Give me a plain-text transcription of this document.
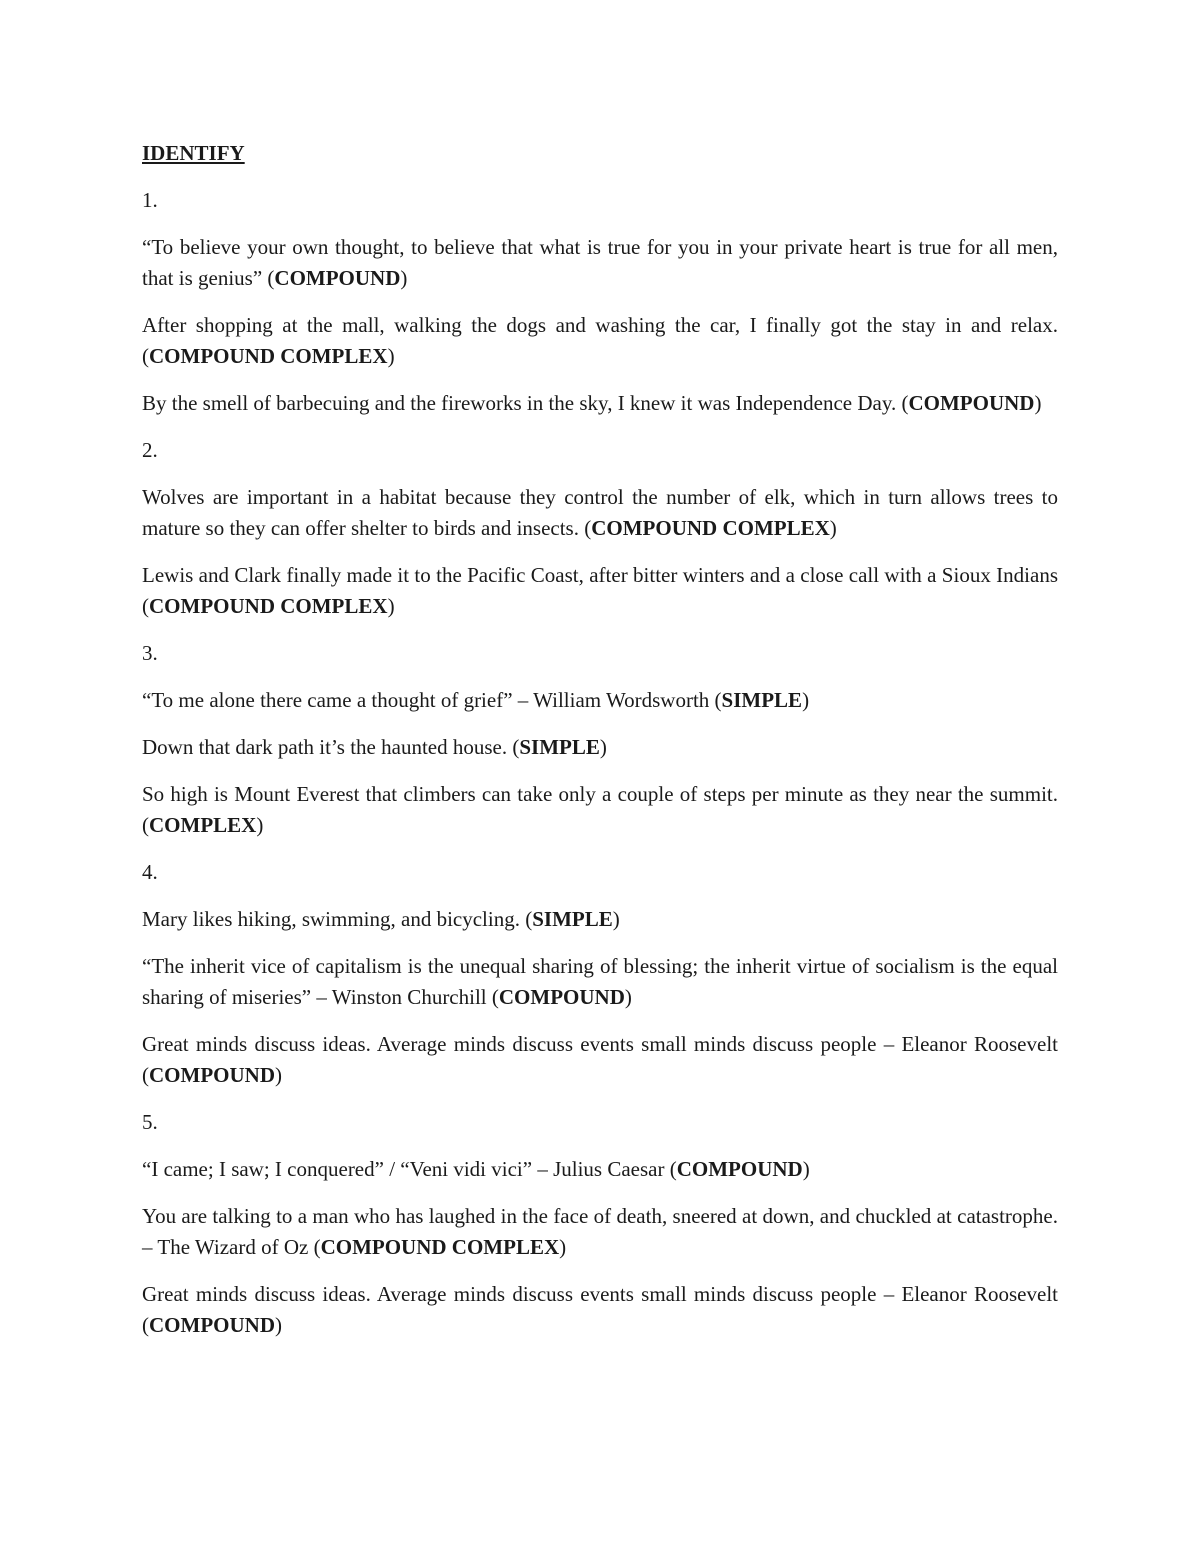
IDENTIFY

1.

“To believe your own thought, to believe that what is true for you in your private heart is true for all men, that is genius” (COMPOUND)

After shopping at the mall, walking the dogs and washing the car, I finally got the stay in and relax. (COMPOUND COMPLEX)

By the smell of barbecuing and the fireworks in the sky, I knew it was Independence Day. (COMPOUND)

2.

Wolves are important in a habitat because they control the number of elk, which in turn allows trees to mature so they can offer shelter to birds and insects. (COMPOUND COMPLEX)

Lewis and Clark finally made it to the Pacific Coast, after bitter winters and a close call with a Sioux Indians (COMPOUND COMPLEX)

3.

“To me alone there came a thought of grief” – William Wordsworth (SIMPLE)

Down that dark path it’s the haunted house. (SIMPLE)

So high is Mount Everest that climbers can take only a couple of steps per minute as they near the summit. (COMPLEX)

4.

Mary likes hiking, swimming, and bicycling. (SIMPLE)

“The inherit vice of capitalism is the unequal sharing of blessing; the inherit virtue of socialism is the equal sharing of miseries” – Winston Churchill (COMPOUND)

Great minds discuss ideas. Average minds discuss events small minds discuss people – Eleanor Roosevelt (COMPOUND)

5.

“I came; I saw; I conquered” / “Veni vidi vici” – Julius Caesar (COMPOUND)

You are talking to a man who has laughed in the face of death, sneered at down, and chuckled at catastrophe. – The Wizard of Oz (COMPOUND COMPLEX)

Great minds discuss ideas. Average minds discuss events small minds discuss people – Eleanor Roosevelt (COMPOUND)
